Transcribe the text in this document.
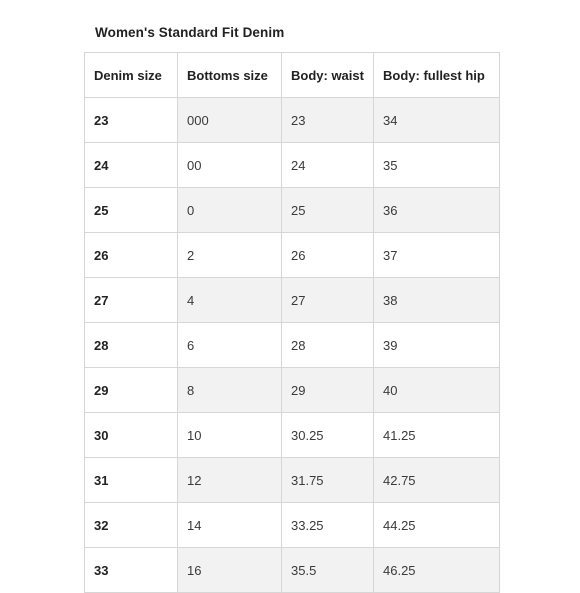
Women's Standard Fit Denim
Denim size	Bottoms size	Body: waist	Body: fullest hip
23	000	23	34
24	00	24	35
25	0	25	36
26	2	26	37
27	4	27	38
28	6	28	39
29	8	29	40
30	10	30.25	41.25
31	12	31.75	42.75
32	14	33.25	44.25
33	16	35.5	46.25
